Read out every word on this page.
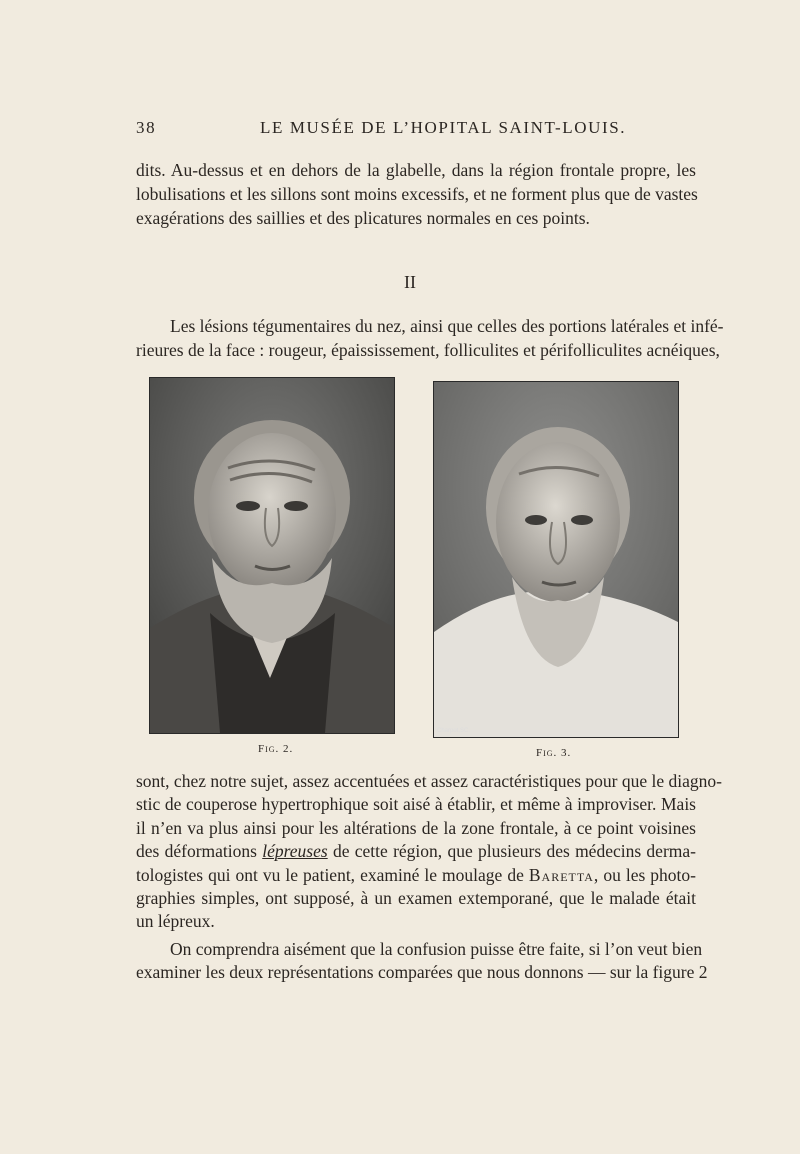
38	LE MUSÉE DE L’HOPITAL SAINT-LOUIS.

dits. Au-dessus et en dehors de la glabelle, dans la région frontale propre, les
lobulisations et les sillons sont moins excessifs, et ne forment plus que de vastes
exagérations des saillies et des plicatures normales en ces points.

II

Les lésions tégumentaires du nez, ainsi que celles des portions latérales et infé-
rieures de la face : rougeur, épaississement, folliculites et périfolliculites acnéiques,

Fig. 2.
Charpot,SC.
Fig. 3.

sont, chez notre sujet, assez accentuées et assez caractéristiques pour que le diagno-
stic de couperose hypertrophique soit aisé à établir, et même à improviser. Mais
il n’en va plus ainsi pour les altérations de la zone frontale, à ce point voisines
des déformations lépreuses de cette région, que plusieurs des médecins derma-
tologistes qui ont vu le patient, examiné le moulage de Baretta, ou les photo-
graphies simples, ont supposé, à un examen extemporané, que le malade était
un lépreux.

On comprendra aisément que la confusion puisse être faite, si l’on veut bien
examiner les deux représentations comparées que nous donnons — sur la figure 2
